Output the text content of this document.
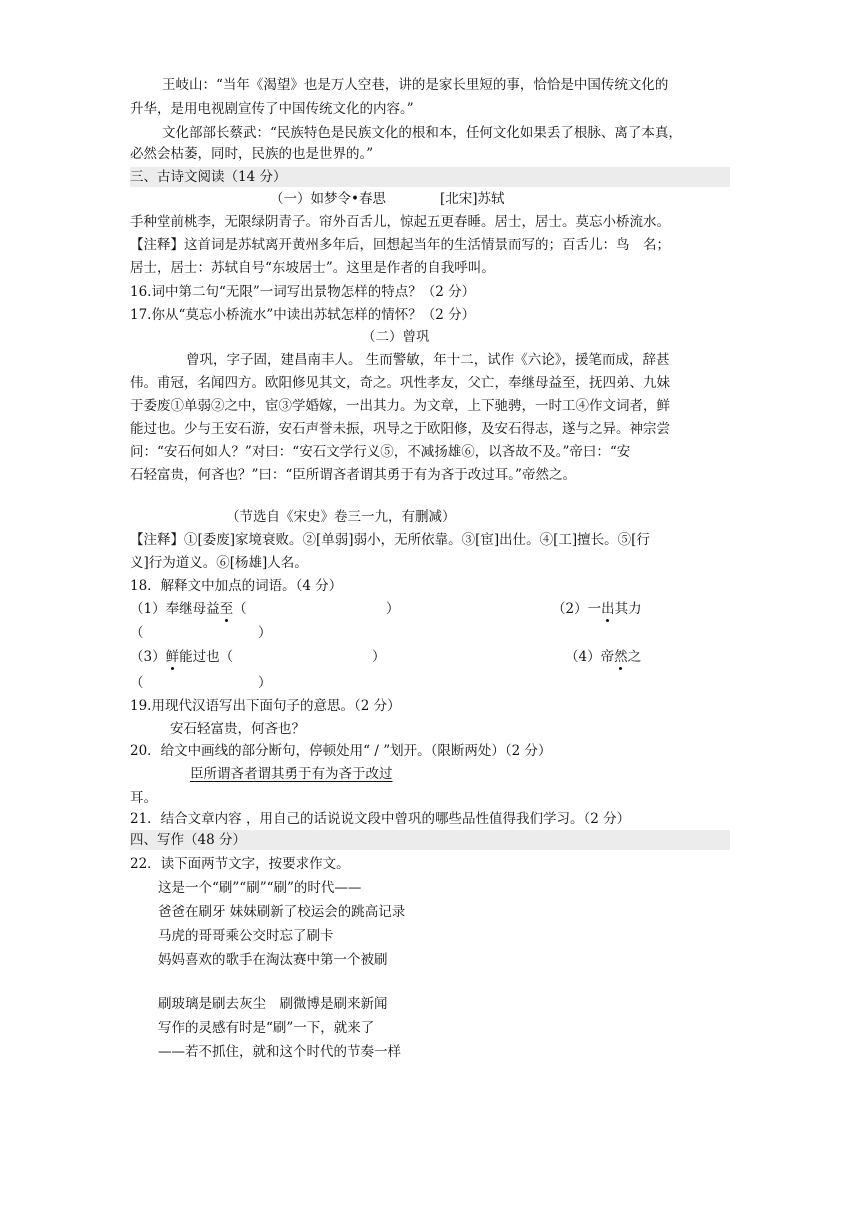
王岐山：“当年《渴望》也是万人空巷，讲的是家长里短的事，恰恰是中国传统文化的
升华，是用电视剧宣传了中国传统文化的内容。”
文化部部长蔡武：“民族特色是民族文化的根和本，任何文化如果丢了根脉、离了本真，
必然会枯萎，同时，民族的也是世界的。”
三、古诗文阅读（14 分）
（一）如梦令•春思	[北宋]苏轼
手种堂前桃李，无限绿阴青子。帘外百舌儿，惊起五更春睡。居士，居士。莫忘小桥流水。
【注释】这首词是苏轼离开黄州多年后，回想起当年的生活情景而写的；百舌儿：鸟　名；
居士，居士：苏轼自号“东坡居士”。这里是作者的自我呼叫。
16.词中第二句“无限”一词写出景物怎样的特点？（2 分）
17.你从“莫忘小桥流水”中读出苏轼怎样的情怀？（2 分）
（二）曾巩
曾巩，字子固，建昌南丰人。 生而警敏，年十二，试作《六论》，援笔而成，辞甚
伟。甫冠，名闻四方。欧阳修见其文，奇之。巩性孝友，父亡，奉继母益至，抚四弟、九妹
于委废①单弱②之中，宦③学婚嫁，一出其力。为文章，上下驰骋，一时工④作文词者，鲜
能过也。少与王安石游，安石声誉未振，巩导之于欧阳修，及安石得志，遂与之异。神宗尝
问：“安石何如人？”对曰：“安石文学行义⑤，不减扬雄⑥，以吝故不及。”帝曰：“安
石轻富贵，何吝也？”曰：“臣所谓吝者谓其勇于有为吝于改过耳。”帝然之。
（节选自《宋史》卷三一九，有删减）
【注释】①[委废]家境衰败。②[单弱]弱小，无所依靠。③[宦]出仕。④[工]擅长。⑤[行
义]行为道义。⑥[杨雄]人名。
18．解释文中加点的词语。（4 分）
（1）奉继母益至（	）	（2）一出其力
（	）
（3）鲜能过也（	）	（4）帝然之
（	）
19.用现代汉语写出下面句子的意思。（2 分）
安石轻富贵，何吝也？
20．给文中画线的部分断句，停顿处用“ / ”划开。（限断两处）（2 分）
臣所谓吝者谓其勇于有为吝于改过
耳。
21．结合文章内容 ，用自己的话说说文段中曾巩的哪些品性值得我们学习。（2 分）
四、写作（48 分）
22．读下面两节文字，按要求作文。
这是一个“刷”“刷”“刷”的时代——
爸爸在刷牙 妹妹刷新了校运会的跳高记录
马虎的哥哥乘公交时忘了刷卡
妈妈喜欢的歌手在淘汰赛中第一个被刷
刷玻璃是刷去灰尘　刷微博是刷来新闻
写作的灵感有时是“刷”一下，就来了
——若不抓住，就和这个时代的节奏一样
